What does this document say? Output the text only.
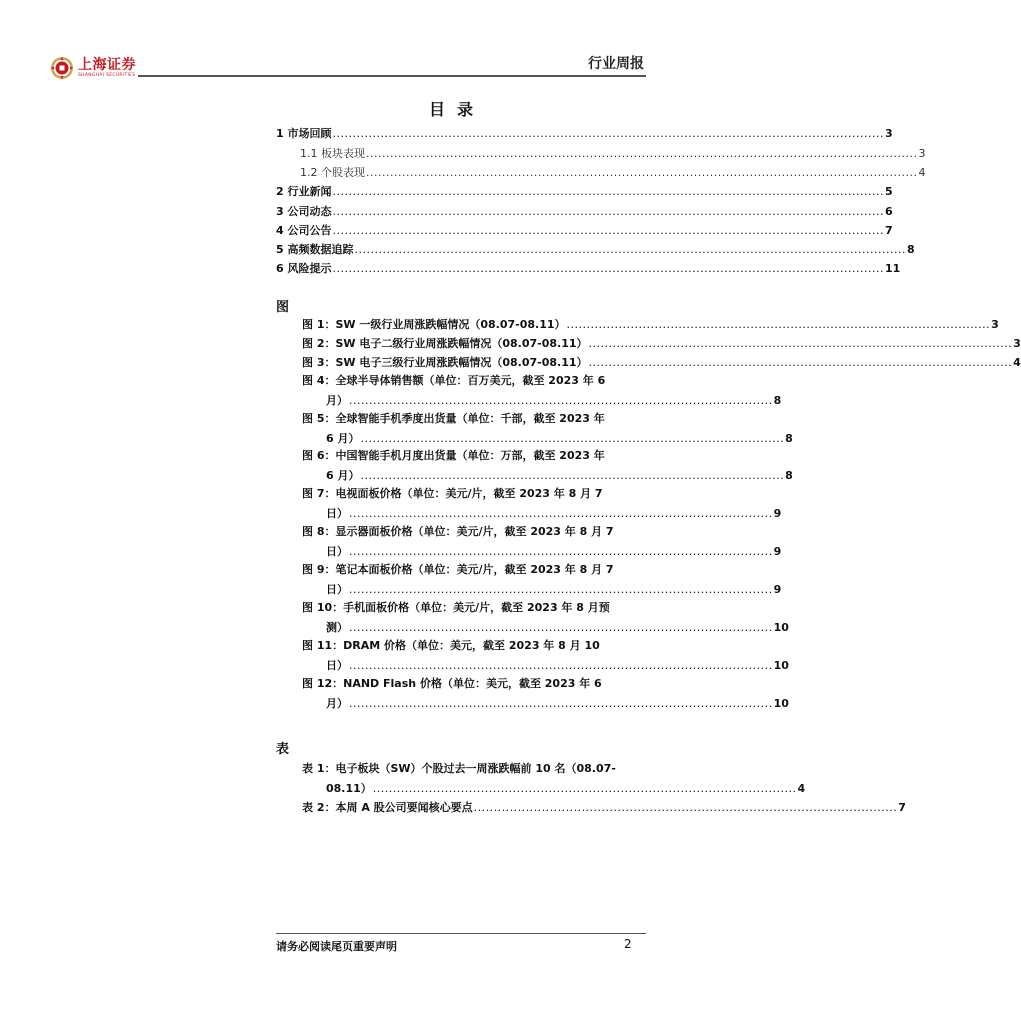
上海证券
SHANGHAI SECURITIES
行业周报
目录
1 市场回顾 .......................................................................................................................................... 3
1.1 板块表现 .......................................................................................................................................... 3
1.2 个股表现 .......................................................................................................................................... 4
2 行业新闻 .......................................................................................................................................... 5
3 公司动态 .......................................................................................................................................... 6
4 公司公告 .......................................................................................................................................... 7
5 高频数据追踪 .......................................................................................................................................... 8
6 风险提示 .......................................................................................................................................... 11
图
图 1：SW 一级行业周涨跌幅情况（08.07-08.11） .......................................................................................................... 3
图 2：SW 电子二级行业周涨跌幅情况（08.07-08.11） .......................................................................................................... 3
图 3：SW 电子三级行业周涨跌幅情况（08.07-08.11） .......................................................................................................... 4
图 4：全球半导体销售额（单位：百万美元，截至 2023 年 6
月） .......................................................................................................... 8
图 5：全球智能手机季度出货量（单位：千部，截至 2023 年
6 月） .......................................................................................................... 8
图 6：中国智能手机月度出货量（单位：万部，截至 2023 年
6 月） .......................................................................................................... 8
图 7：电视面板价格（单位：美元/片，截至 2023 年 8 月 7
日） .......................................................................................................... 9
图 8：显示器面板价格（单位：美元/片，截至 2023 年 8 月 7
日） .......................................................................................................... 9
图 9：笔记本面板价格（单位：美元/片，截至 2023 年 8 月 7
日） .......................................................................................................... 9
图 10：手机面板价格（单位：美元/片，截至 2023 年 8 月预
测） .......................................................................................................... 10
图 11：DRAM 价格（单位：美元，截至 2023 年 8 月 10
日） .......................................................................................................... 10
图 12：NAND Flash 价格（单位：美元，截至 2023 年 6
月） .......................................................................................................... 10
表
表 1：电子板块（SW）个股过去一周涨跌幅前 10 名（08.07-
08.11） .......................................................................................................... 4
表 2：本周 A 股公司要闻核心要点 .......................................................................................................... 7
请务必阅读尾页重要声明	2
